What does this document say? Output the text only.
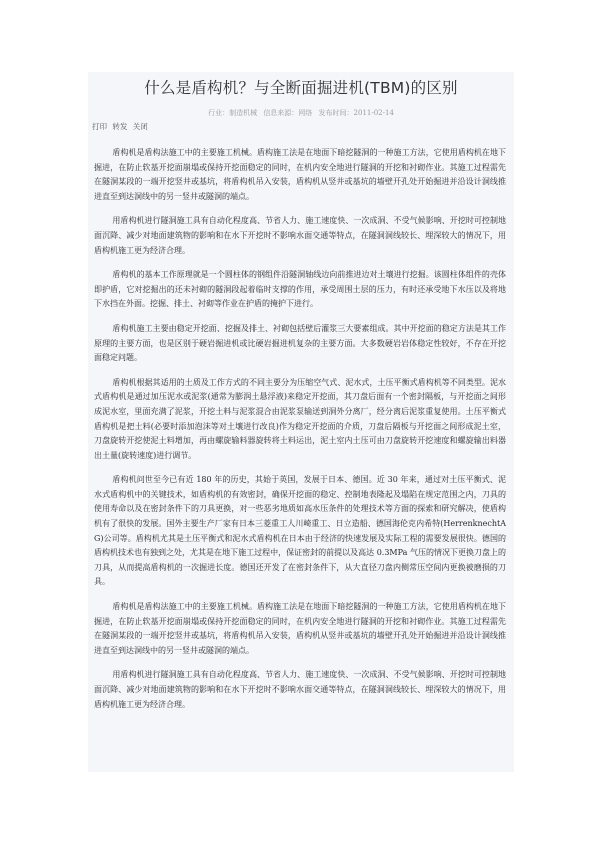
什么是盾构机？与全断面掘进机(TBM)的区别
行业：制造机械 信息来源：网络 发布时间：2011-02-14
打印 转发 关闭

盾构机是盾构法施工中的主要施工机械。盾构施工法是在地面下暗挖隧洞的一种施工方法，它使用盾构机在地下掘进，在防止软基开挖面崩塌或保持开挖面稳定的同时，在机内安全地进行隧洞的开挖和衬砌作业。其施工过程需先在隧洞某段的一端开挖竖井或基坑，将盾构机吊入安装，盾构机从竖井或基坑的墙壁开孔处开始掘进并沿设计洞线推进直至到达洞线中的另一竖井或隧洞的端点。

用盾构机进行隧洞施工具有自动化程度高、节省人力、施工速度快、一次成洞、不受气候影响、开挖时可控制地面沉降、减少对地面建筑物的影响和在水下开挖时不影响水面交通等特点，在隧洞洞线较长、埋深较大的情况下，用盾构机施工更为经济合理。

盾构机的基本工作原理就是一个圆柱体的钢组件沿隧洞轴线边向前推进边对土壤进行挖掘。该圆柱体组件的壳体即护盾，它对挖掘出的还未衬砌的隧洞段起着临时支撑的作用，承受周围土层的压力，有时还承受地下水压以及将地下水挡在外面。挖掘、排土、衬砌等作业在护盾的掩护下进行。

盾构机施工主要由稳定开挖面、挖掘及排土、衬砌包括壁后灌浆三大要素组成。其中开挖面的稳定方法是其工作原理的主要方面，也是区别于硬岩掘进机或比硬岩掘进机复杂的主要方面。大多数硬岩岩体稳定性较好，不存在开挖面稳定问题。

盾构机根据其适用的土质及工作方式的不同主要分为压缩空气式、泥水式，土压平衡式盾构机等不同类型。泥水式盾构机是通过加压泥水或泥浆(通常为膨润土悬浮液)来稳定开挖面，其刀盘后面有一个密封隔板，与开挖面之间形成泥水室，里面充满了泥浆，开挖土料与泥浆混合由泥浆泵输送到洞外分离厂，经分离后泥浆重复使用。土压平衡式盾构机是把土料(必要时添加泡沫等对土壤进行改良)作为稳定开挖面的介质，刀盘后隔板与开挖面之间形成泥土室，刀盘旋转开挖使泥土料增加，再由螺旋输料器旋转将土料运出，泥土室内土压可由刀盘旋转开挖速度和螺旋输出料器出土量(旋转速度)进行调节。

盾构机问世至今已有近 180 年的历史，其始于英国，发展于日本、德国。近 30 年来，通过对土压平衡式、泥水式盾构机中的关键技术，如盾构机的有效密封，确保开挖面的稳定、控制地表隆起及塌陷在规定范围之内，刀具的使用寿命以及在密封条件下的刀具更换，对一些恶劣地质如高水压条件的处理技术等方面的探索和研究解决，使盾构机有了很快的发展。国外主要生产厂家有日本三菱重工人川崎重工、日立造船、德国海伦克内希特(HerrenknechtAG)公司等。盾构机尤其是土压平衡式和泥水式盾构机在日本由于经济的快速发展及实际工程的需要发展很快。德国的盾构机技术也有独到之处，尤其是在地下施工过程中，保证密封的前提以及高达 0.3MPa 气压的情况下更换刀盘上的刀具，从而提高盾构机的一次掘进长度。德国还开发了在密封条件下，从大直径刀盘内侧常压空间内更换被磨损的刀具。

盾构机是盾构法施工中的主要施工机械。盾构施工法是在地面下暗挖隧洞的一种施工方法，它使用盾构机在地下掘进，在防止软基开挖面崩塌或保持开挖面稳定的同时，在机内安全地进行隧洞的开挖和衬砌作业。其施工过程需先在隧洞某段的一端开挖竖井或基坑，将盾构机吊入安装，盾构机从竖井或基坑的墙壁开孔处开始掘进并沿设计洞线推进直至到达洞线中的另一竖井或隧洞的端点。

用盾构机进行隧洞施工具有自动化程度高、节省人力、施工速度快、一次成洞、不受气候影响、开挖时可控制地面沉降、减少对地面建筑物的影响和在水下开挖时不影响水面交通等特点，在隧洞洞线较长、埋深较大的情况下，用盾构机施工更为经济合理。
